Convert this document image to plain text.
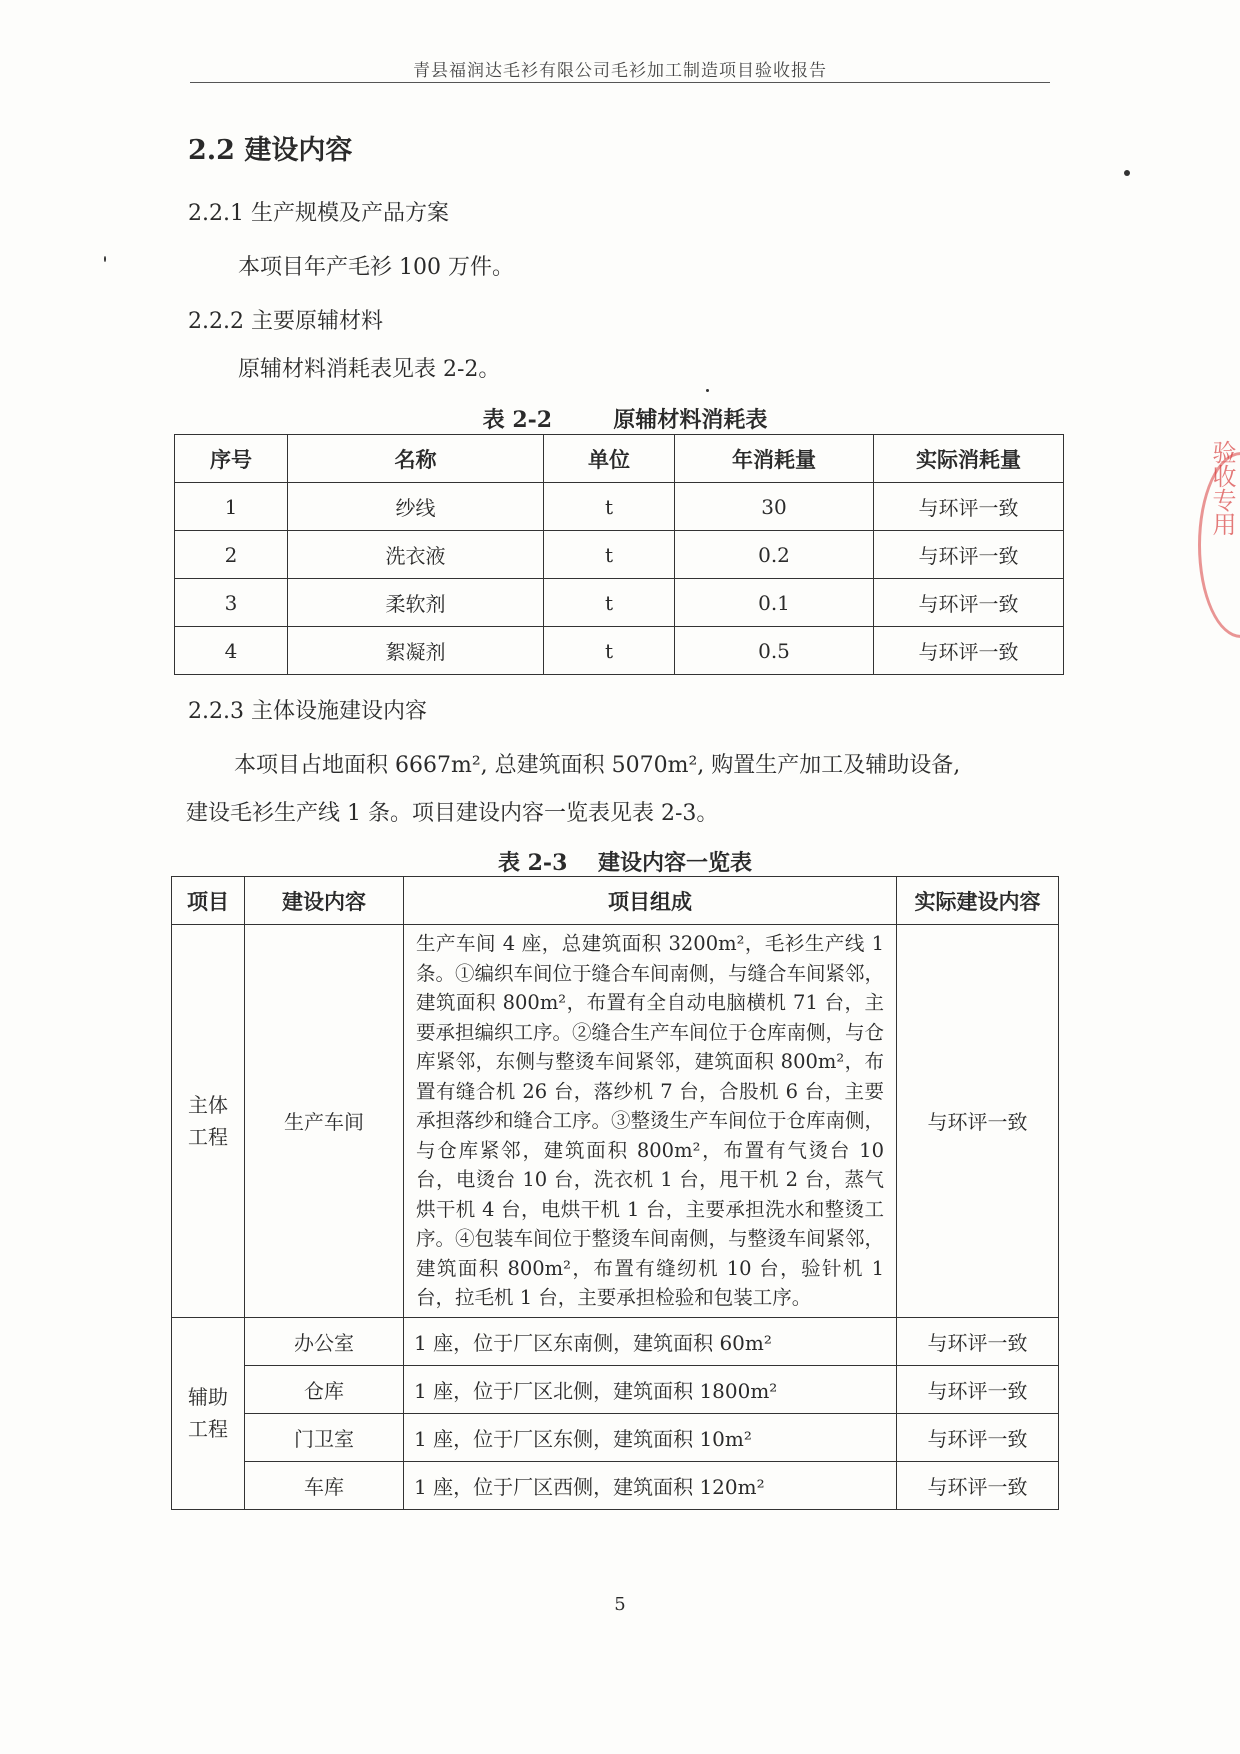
青县福润达毛衫有限公司毛衫加工制造项目验收报告
2.2 建设内容
2.2.1 生产规模及产品方案
本项目年产毛衫 100 万件。
2.2.2 主要原辅材料
原辅材料消耗表见表 2-2。
表 2-2        原辅材料消耗表
序号	名称	单位	年消耗量	实际消耗量
1	纱线	t	30	与环评一致
2	洗衣液	t	0.2	与环评一致
3	柔软剂	t	0.1	与环评一致
4	絮凝剂	t	0.5	与环评一致
2.2.3 主体设施建设内容
本项目占地面积 6667m², 总建筑面积 5070m², 购置生产加工及辅助设备,
建设毛衫生产线 1 条。项目建设内容一览表见表 2-3。
表 2-3    建设内容一览表
项目	建设内容	项目组成	实际建设内容
主体工程	生产车间	生产车间 4 座，总建筑面积 3200m²，毛衫生产线 1 条。①编织车间位于缝合车间南侧，与缝合车间紧邻，建筑面积 800m²，布置有全自动电脑横机 71 台，主要承担编织工序。②缝合生产车间位于仓库南侧，与仓库紧邻，东侧与整烫车间紧邻，建筑面积 800m²，布置有缝合机 26 台，落纱机 7 台，合股机 6 台，主要承担落纱和缝合工序。③整烫生产车间位于仓库南侧，与仓库紧邻，建筑面积 800m²，布置有气烫台 10 台，电烫台 10 台，洗衣机 1 台，甩干机 2 台，蒸气烘干机 4 台，电烘干机 1 台，主要承担洗水和整烫工序。④包装车间位于整烫车间南侧，与整烫车间紧邻，建筑面积 800m²，布置有缝纫机 10 台，验针机 1 台，拉毛机 1 台，主要承担检验和包装工序。	与环评一致
辅助工程	办公室	1 座，位于厂区东南侧，建筑面积 60m²	与环评一致
	仓库	1 座，位于厂区北侧，建筑面积 1800m²	与环评一致
	门卫室	1 座，位于厂区东侧，建筑面积 10m²	与环评一致
	车库	1 座，位于厂区西侧，建筑面积 120m²	与环评一致
5
验收专用
